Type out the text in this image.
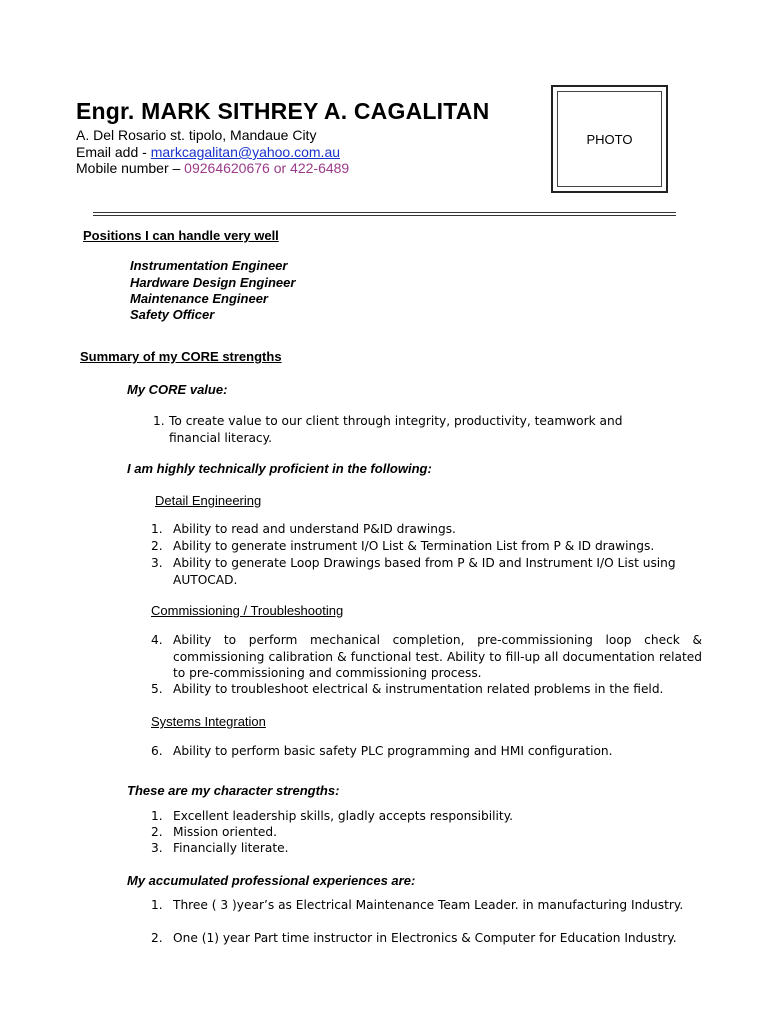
Engr. MARK SITHREY A. CAGALITAN
A. Del Rosario st. tipolo, Mandaue City
Email add - markcagalitan@yahoo.com.au
Mobile number – 09264620676 or 422-6489
PHOTO
Positions I can handle very well
Instrumentation Engineer
Hardware Design Engineer
Maintenance Engineer
Safety Officer
Summary of my CORE strengths
My CORE value:
1. To create value to our client through integrity, productivity, teamwork and financial literacy.
I am highly technically proficient in the following:
Detail Engineering
1. Ability to read and understand P&ID drawings.
2. Ability to generate instrument I/O List & Termination List from P & ID drawings.
3. Ability to generate Loop Drawings based from P & ID and Instrument I/O List using AUTOCAD.
Commissioning / Troubleshooting
4. Ability to perform mechanical completion, pre-commissioning loop check & commissioning calibration & functional test. Ability to fill-up all documentation related to pre-commissioning and commissioning process.
5. Ability to troubleshoot electrical & instrumentation related problems in the field.
Systems Integration
6. Ability to perform basic safety PLC programming and HMI configuration.
These are my character strengths:
1. Excellent leadership skills, gladly accepts responsibility.
2. Mission oriented.
3. Financially literate.
My accumulated professional experiences are:
1. Three ( 3 )year’s as Electrical Maintenance Team Leader. in manufacturing Industry.
2. One (1) year Part time instructor in Electronics & Computer for Education Industry.
